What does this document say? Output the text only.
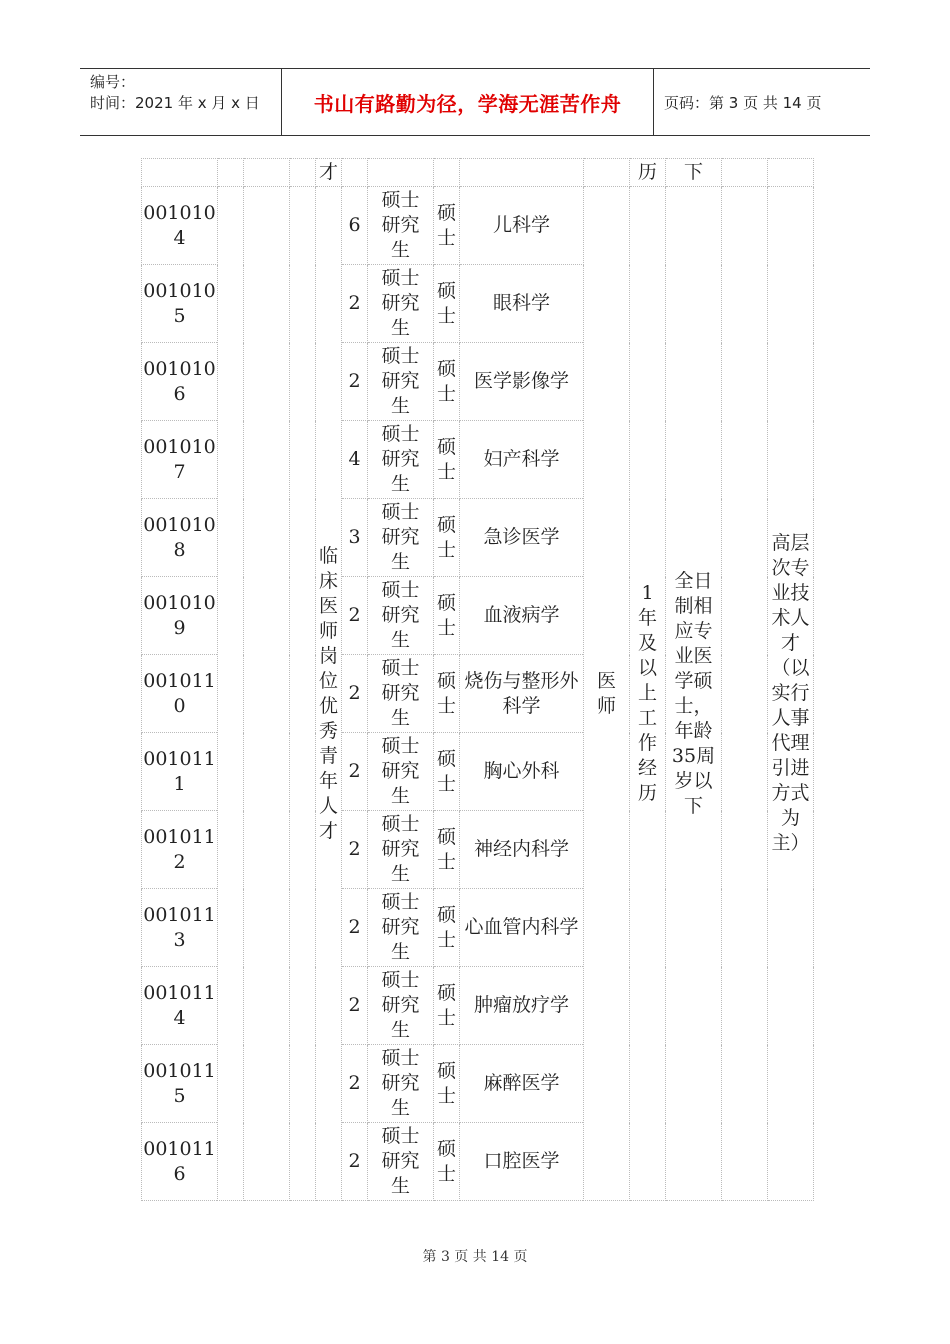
编号：
时间：2021 年 x 月 x 日	书山有路勤为径，学海无涯苦作舟	页码：第 3 页 共 14 页
				才						历	下		
0010104				临床医师岗位优秀青年人才	6	硕士研究生	硕士	儿科学	医师	1年及以上工作经历	全日制相应专业医学硕士，年龄35周岁以下		高层次专业技术人才（以实行人事代理引进方式为主）
0010105					2	硕士研究生	硕士	眼科学					
0010106					2	硕士研究生	硕士	医学影像学					
0010107					4	硕士研究生	硕士	妇产科学					
0010108					3	硕士研究生	硕士	急诊医学					
0010109					2	硕士研究生	硕士	血液病学					
0010110					2	硕士研究生	硕士	烧伤与整形外科学					
0010111					2	硕士研究生	硕士	胸心外科					
0010112					2	硕士研究生	硕士	神经内科学					
0010113					2	硕士研究生	硕士	心血管内科学					
0010114					2	硕士研究生	硕士	肿瘤放疗学					
0010115					2	硕士研究生	硕士	麻醉医学					
0010116					2	硕士研究生	硕士	口腔医学					
第 3 页 共 14 页
